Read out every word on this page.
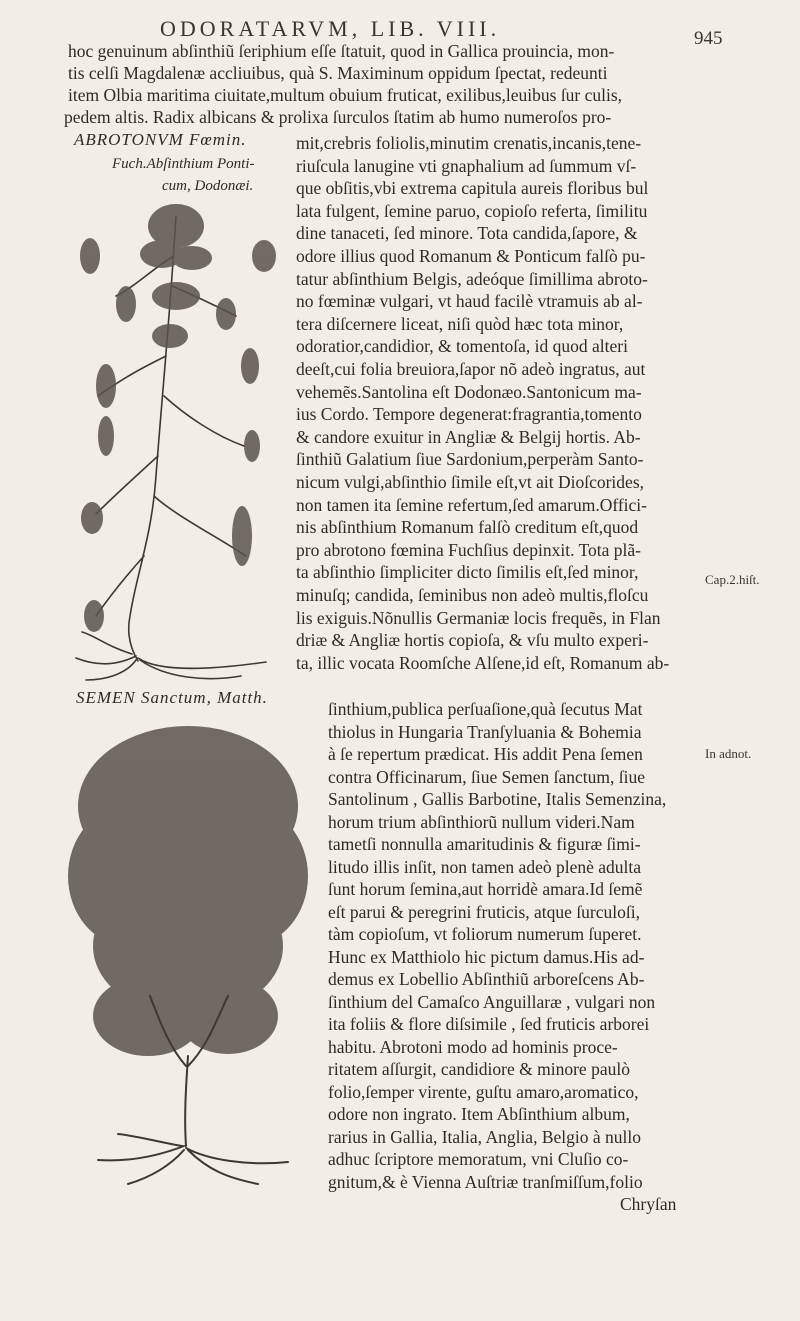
ODORATARVM, LIB. VIII.	945
hoc genuinum abſinthiũ ſeriphium eſſe ſtatuit, quod in Gallica prouincia, mon-
tis celſi Magdalenæ accliuibus, quà S. Maximinum oppidum ſpectat, redeunti
item Olbia maritima ciuitate,multum obuium fruticat, exilibus,leuibus ſur culis,
pedem altis. Radix albicans & prolixa ſurculos ſtatim ab humo numeroſos pro-
ABROTONVM Fœmin.
Fuch.Abſinthium Ponti-
cum, Dodonæi.
mit,crebris foliolis,minutim crenatis,incanis,tene-
riuſcula lanugine vti gnaphalium ad ſummum vſ-
que obſitis,vbi extrema capitula aureis floribus bul
lata fulgent, ſemine paruo, copioſo referta, ſimilitu
dine tanaceti, ſed minore. Tota candida,ſapore, &
odore illius quod Romanum & Ponticum falſò pu-
tatur abſinthium Belgis, adeóque ſimillima abroto-
no fœminæ vulgari, vt haud facilè vtramuis ab al-
tera diſcernere liceat, niſi quòd hæc tota minor,
odoratior,candidior, & tomentoſa, id quod alteri
deeſt,cui folia breuiora,ſapor nõ adeò ingratus, aut
vehemẽs.Santolina eſt Dodonæo.Santonicum ma-
ius Cordo. Tempore degenerat:fragrantia,tomento
& candore exuitur in Angliæ & Belgij hortis. Ab-
ſinthiũ Galatium ſiue Sardonium,perperàm Santo-
nicum vulgi,abſinthio ſimile eſt,vt ait Dioſcorides,
non tamen ita ſemine refertum,ſed amarum.Offici-
nis abſinthium Romanum falſò creditum eſt,quod
pro abrotono fœmina Fuchſius depinxit. Tota plã-
ta abſinthio ſimpliciter dicto ſimilis eſt,ſed minor,
minuſq; candida, ſeminibus non adeò multis,floſcu
lis exiguis.Nõnullis Germaniæ locis frequẽs, in Flan
driæ & Angliæ hortis copioſa, & vſu multo experi-
ta, illic vocata Roomſche Alſene,id eſt, Romanum ab-
SEMEN Sanctum, Matth.
ſinthium,publica perſuaſione,quà ſecutus Mat
thiolus in Hungaria Tranſyluania & Bohemia
à ſe repertum prædicat. His addit Pena ſemen
contra Officinarum, ſiue Semen ſanctum, ſiue
Santolinum , Gallis Barbotine, Italis Semenzina,
horum trium abſinthiorũ nullum videri.Nam
tametſi nonnulla amaritudinis & figuræ ſimi-
litudo illis inſit, non tamen adeò plenè adulta
ſunt horum ſemina,aut horridè amara.Id ſemẽ
eſt parui & peregrini fruticis, atque ſurculoſi,
tàm copioſum, vt foliorum numerum ſuperet.
Hunc ex Matthiolo hic pictum damus.His ad-
demus ex Lobellio Abſinthiũ arboreſcens Ab-
ſinthium del Camaſco Anguillaræ , vulgari non
ita foliis & flore diſsimile , ſed fruticis arborei
habitu. Abrotoni modo ad hominis proce-
ritatem aſſurgit, candidiore & minore paulò
folio,ſemper virente, guſtu amaro,aromatico,
odore non ingrato. Item Abſinthium album,
rarius in Gallia, Italia, Anglia, Belgio à nullo
adhuc ſcriptore memoratum, vni Cluſio co-
gnitum,& è Vienna Auſtriæ tranſmiſſum,folio
Chryſan
Cap.2.hiſt.
In adnot.
